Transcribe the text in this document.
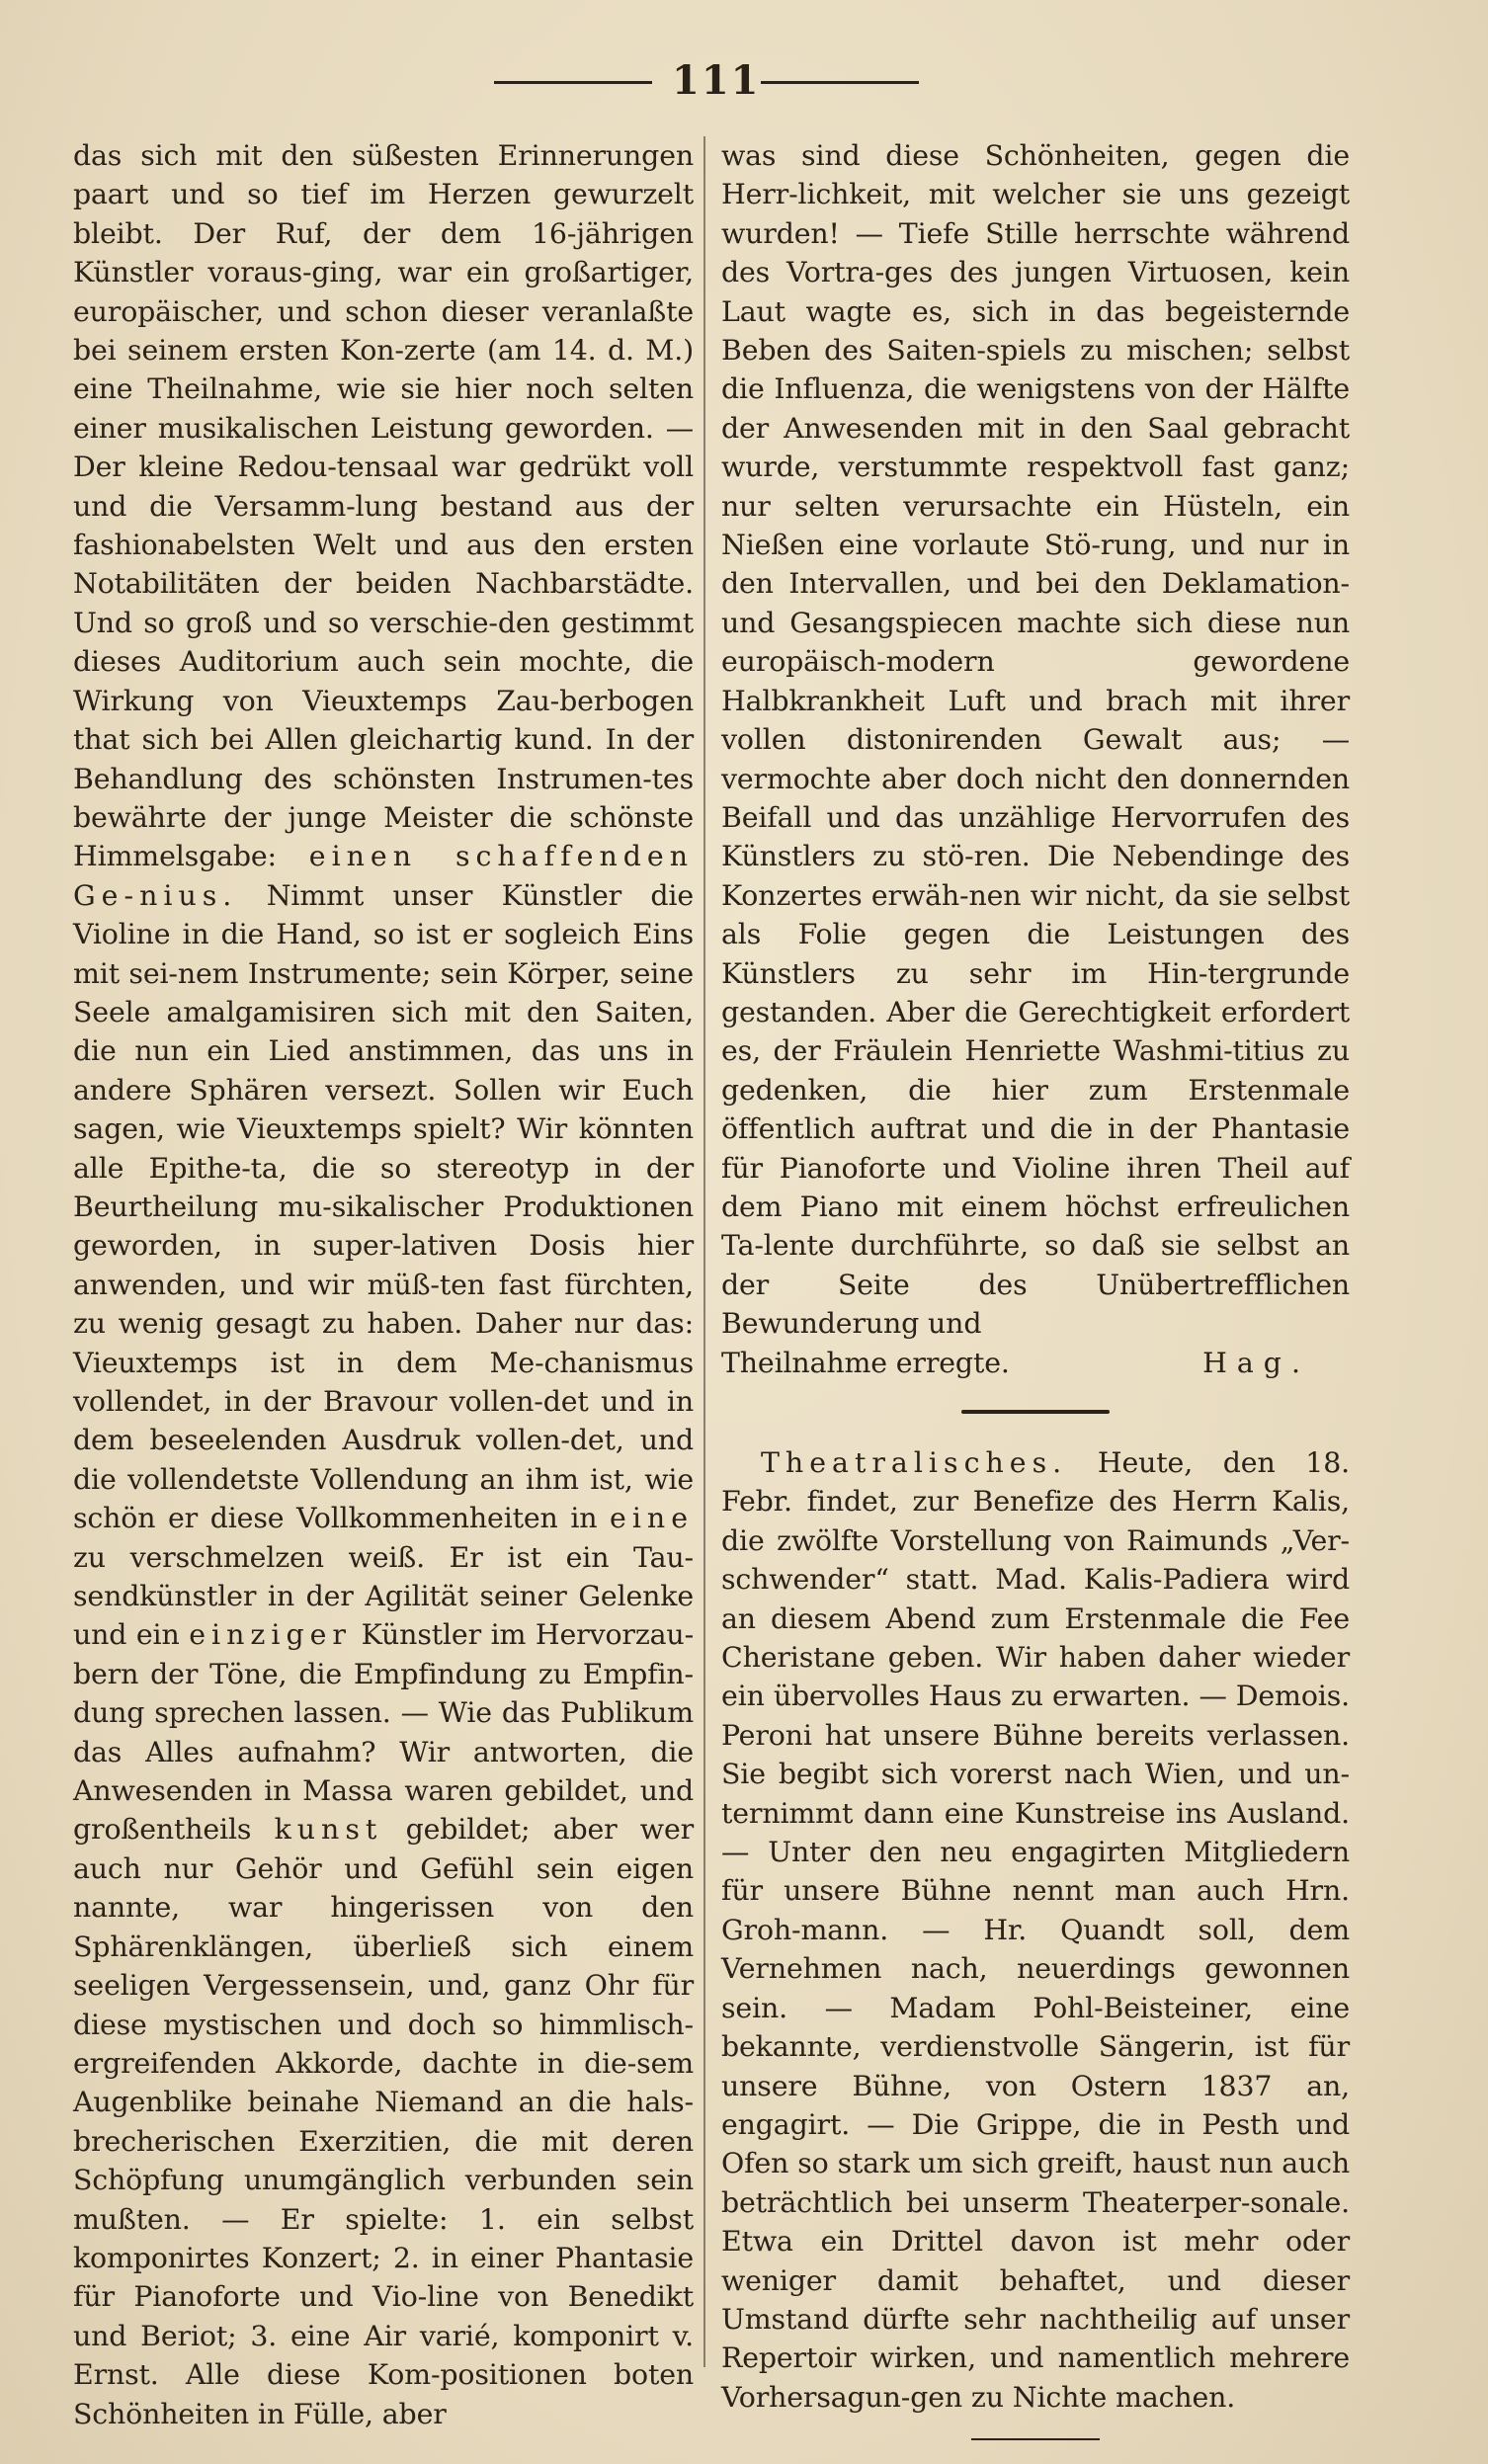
111

das sich mit den süßesten Erinnerungen paart und so tief im Herzen gewurzelt bleibt. Der Ruf, der dem 16-jährigen Künstler voraus-ging, war ein großartiger, europäischer, und schon dieser veranlaßte bei seinem ersten Kon-zerte (am 14. d. M.) eine Theilnahme, wie sie hier noch selten einer musikalischen Leistung geworden. — Der kleine Redou-tensaal war gedrükt voll und die Versamm-lung bestand aus der fashionabelsten Welt und aus den ersten Notabilitäten der beiden Nachbarstädte. Und so groß und so verschie-den gestimmt dieses Auditorium auch sein mochte, die Wirkung von Vieuxtemps Zau-berbogen that sich bei Allen gleichartig kund. In der Behandlung des schönsten Instrumen-tes bewährte der junge Meister die schönste Himmelsgabe: einen schaffenden Ge-nius. Nimmt unser Künstler die Violine in die Hand, so ist er sogleich Eins mit sei-nem Instrumente; sein Körper, seine Seele amalgamisiren sich mit den Saiten, die nun ein Lied anstimmen, das uns in andere Sphären versezt. Sollen wir Euch sagen, wie Vieuxtemps spielt? Wir könnten alle Epithe-ta, die so stereotyp in der Beurtheilung mu-sikalischer Produktionen geworden, in super-lativen Dosis hier anwenden, und wir müß-ten fast fürchten, zu wenig gesagt zu haben. Daher nur das: Vieuxtemps ist in dem Me-chanismus vollendet, in der Bravour vollen-det und in dem beseelenden Ausdruk vollen-det, und die vollendetste Vollendung an ihm ist, wie schön er diese Vollkommenheiten in eine zu verschmelzen weiß. Er ist ein Tau-sendkünstler in der Agilität seiner Gelenke und ein einziger Künstler im Hervorzau-bern der Töne, die Empfindung zu Empfin-dung sprechen lassen. — Wie das Publikum das Alles aufnahm? Wir antworten, die Anwesenden in Massa waren gebildet, und großentheils kunst gebildet; aber wer auch nur Gehör und Gefühl sein eigen nannte, war hingerissen von den Sphärenklängen, überließ sich einem seeligen Vergessensein, und, ganz Ohr für diese mystischen und doch so himmlisch-ergreifenden Akkorde, dachte in die-sem Augenblike beinahe Niemand an die hals-brecherischen Exerzitien, die mit deren Schöpfung unumgänglich verbunden sein mußten. — Er spielte: 1. ein selbst komponirtes Konzert; 2. in einer Phantasie für Pianoforte und Vio-line von Benedikt und Beriot; 3. eine Air varié, komponirt v. Ernst. Alle diese Kom-positionen boten Schönheiten in Fülle, aber

was sind diese Schönheiten, gegen die Herr-lichkeit, mit welcher sie uns gezeigt wurden! — Tiefe Stille herrschte während des Vortra-ges des jungen Virtuosen, kein Laut wagte es, sich in das begeisternde Beben des Saiten-spiels zu mischen; selbst die Influenza, die wenigstens von der Hälfte der Anwesenden mit in den Saal gebracht wurde, verstummte respektvoll fast ganz; nur selten verursachte ein Hüsteln, ein Nießen eine vorlaute Stö-rung, und nur in den Intervallen, und bei den Deklamation- und Gesangspiecen machte sich diese nun europäisch-modern gewordene Halbkrankheit Luft und brach mit ihrer vollen distonirenden Gewalt aus; — vermochte aber doch nicht den donnernden Beifall und das unzählige Hervorrufen des Künstlers zu stö-ren. Die Nebendinge des Konzertes erwäh-nen wir nicht, da sie selbst als Folie gegen die Leistungen des Künstlers zu sehr im Hin-tergrunde gestanden. Aber die Gerechtigkeit erfordert es, der Fräulein Henriette Washmi-titius zu gedenken, die hier zum Erstenmale öffentlich auftrat und die in der Phantasie für Pianoforte und Violine ihren Theil auf dem Piano mit einem höchst erfreulichen Ta-lente durchführte, so daß sie selbst an der Seite des Unübertrefflichen Bewunderung und

Theilnahme erregte.	Hag.

Theatralisches. Heute, den 18. Febr. findet, zur Benefize des Herrn Kalis, die zwölfte Vorstellung von Raimunds „Ver-schwender“ statt. Mad. Kalis-Padiera wird an diesem Abend zum Erstenmale die Fee Cheristane geben. Wir haben daher wieder ein übervolles Haus zu erwarten. — Demois. Peroni hat unsere Bühne bereits verlassen. Sie begibt sich vorerst nach Wien, und un-ternimmt dann eine Kunstreise ins Ausland. — Unter den neu engagirten Mitgliedern für unsere Bühne nennt man auch Hrn. Groh-mann. — Hr. Quandt soll, dem Vernehmen nach, neuerdings gewonnen sein. — Madam Pohl-Beisteiner, eine bekannte, verdienstvolle Sängerin, ist für unsere Bühne, von Ostern 1837 an, engagirt. — Die Grippe, die in Pesth und Ofen so stark um sich greift, haust nun auch beträchtlich bei unserm Theaterper-sonale. Etwa ein Drittel davon ist mehr oder weniger damit behaftet, und dieser Umstand dürfte sehr nachtheilig auf unser Repertoir wirken, und namentlich mehrere Vorhersagun-gen zu Nichte machen.
